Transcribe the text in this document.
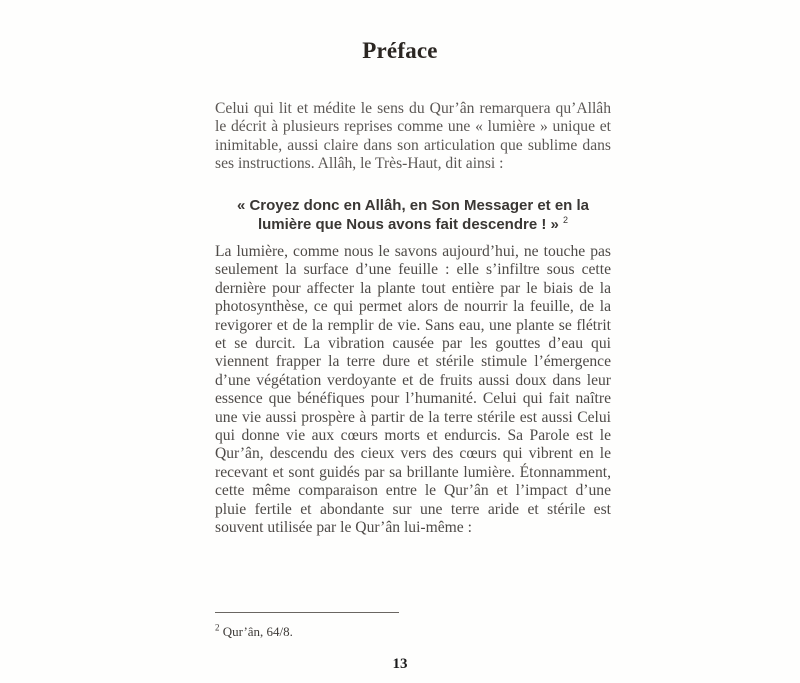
Préface
Celui qui lit et médite le sens du Qur’ân remarquera qu’Allâh le décrit à plusieurs reprises comme une « lumière » unique et inimitable, aussi claire dans son articulation que sublime dans ses instructions. Allâh, le Très-Haut, dit ainsi :
« Croyez donc en Allâh, en Son Messager et en la lumière que Nous avons fait descendre ! » $^2$
La lumière, comme nous le savons aujourd’hui, ne touche pas seulement la surface d’une feuille : elle s’infiltre sous cette dernière pour affecter la plante tout entière par le biais de la photosynthèse, ce qui permet alors de nourrir la feuille, de la revigorer et de la remplir de vie. Sans eau, une plante se flétrit et se durcit. La vibration causée par les gouttes d’eau qui viennent frapper la terre dure et stérile stimule l’émergence d’une végétation verdoyante et de fruits aussi doux dans leur essence que bénéfiques pour l’humanité. Celui qui fait naître une vie aussi prospère à partir de la terre stérile est aussi Celui qui donne vie aux cœurs morts et endurcis. Sa Parole est le Qur’ân, descendu des cieux vers des cœurs qui vibrent en le recevant et sont guidés par sa brillante lumière. Étonnamment, cette même comparaison entre le Qur’ân et l’impact d’une pluie fertile et abondante sur une terre aride et stérile est souvent utilisée par le Qur’ân lui-même :
$^2$ Qur’ân, 64/8.
13
